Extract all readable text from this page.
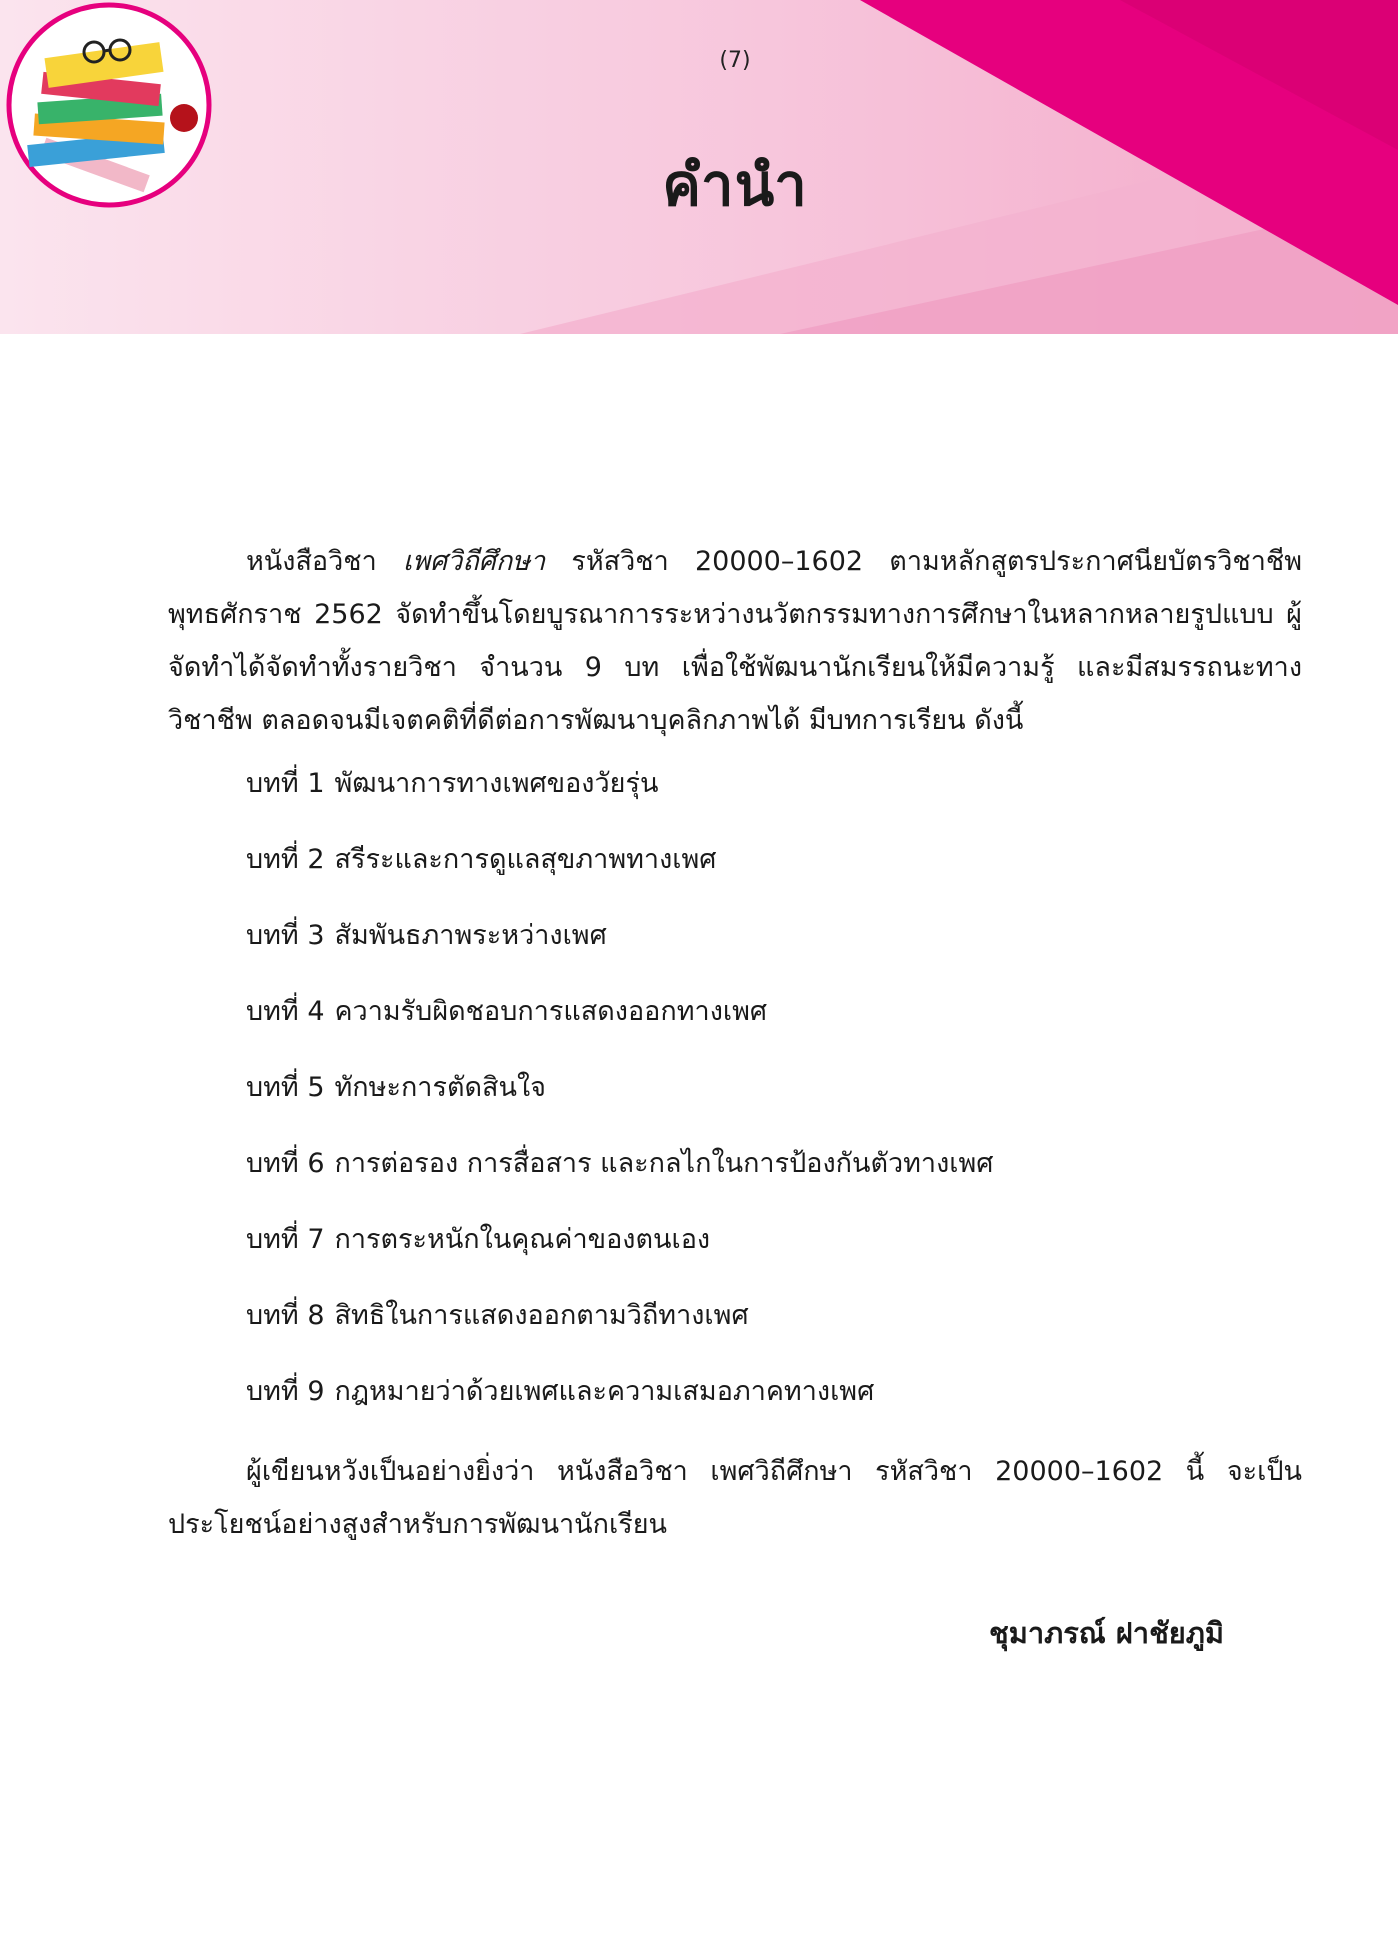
(7)
คำนำ

หนังสือวิชา เพศวิถีศึกษา รหัสวิชา 20000–1602 ตามหลักสูตรประกาศนียบัตรวิชาชีพ พุทธศักราช 2562 จัดทำขึ้นโดยบูรณาการระหว่างนวัตกรรมทางการศึกษาในหลากหลายรูปแบบ ผู้จัดทำได้จัดทำทั้งรายวิชา จำนวน 9 บท เพื่อใช้พัฒนานักเรียนให้มีความรู้ และมีสมรรถนะทางวิชาชีพ ตลอดจนมีเจตคติที่ดีต่อการพัฒนาบุคลิกภาพได้ มีบทการเรียน ดังนี้

บทที่ 1 พัฒนาการทางเพศของวัยรุ่น
บทที่ 2 สรีระและการดูแลสุขภาพทางเพศ
บทที่ 3 สัมพันธภาพระหว่างเพศ
บทที่ 4 ความรับผิดชอบการแสดงออกทางเพศ
บทที่ 5 ทักษะการตัดสินใจ
บทที่ 6 การต่อรอง การสื่อสาร และกลไกในการป้องกันตัวทางเพศ
บทที่ 7 การตระหนักในคุณค่าของตนเอง
บทที่ 8 สิทธิในการแสดงออกตามวิถีทางเพศ
บทที่ 9 กฎหมายว่าด้วยเพศและความเสมอภาคทางเพศ

ผู้เขียนหวังเป็นอย่างยิ่งว่า หนังสือวิชา เพศวิถีศึกษา รหัสวิชา 20000–1602 นี้ จะเป็นประโยชน์อย่างสูงสำหรับการพัฒนานักเรียน

ชุมาภรณ์ ฝาชัยภูมิ
